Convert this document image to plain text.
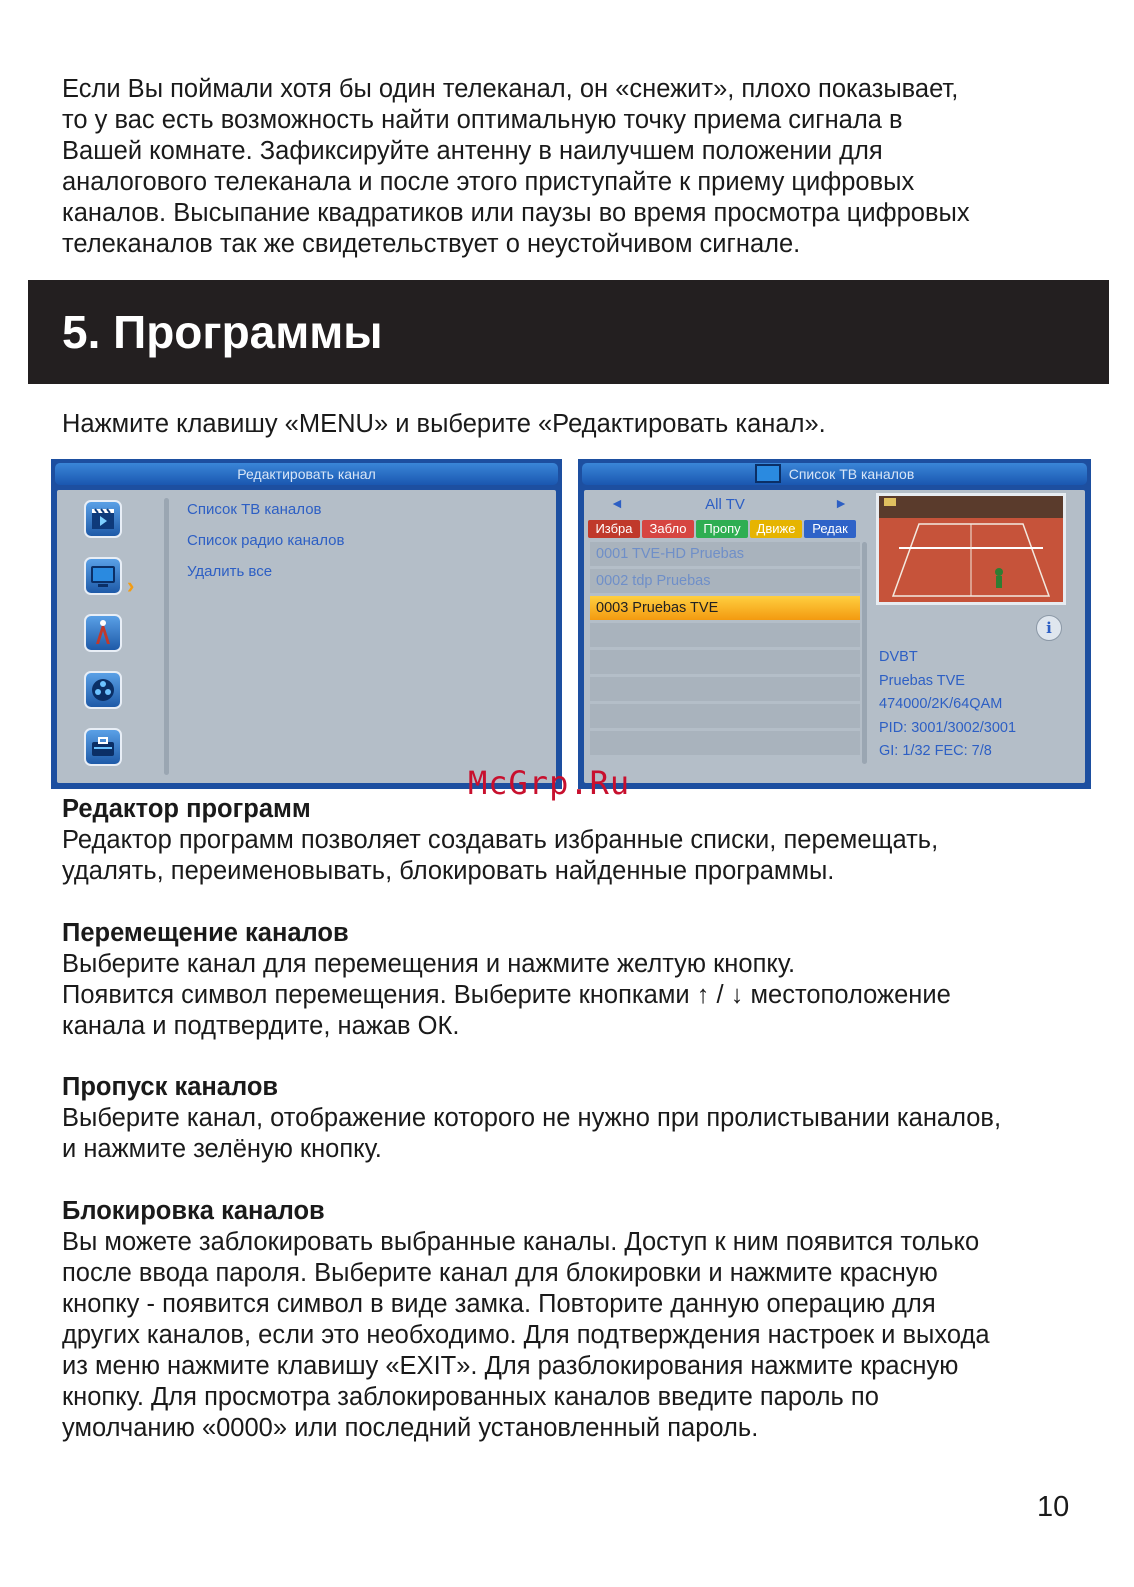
Если Вы поймали хотя бы один телеканал, он «снежит», плохо показывает,
то у вас есть возможность найти оптимальную точку приема сигнала в
Вашей комнате. Зафиксируйте антенну в наилучшем положении для
аналогового телеканала и после этого приступайте к приему цифровых
каналов. Высыпание квадратиков или паузы во время просмотра цифровых
телеканалов так же свидетельствует о неустойчивом сигнале.
5. Программы
Нажмите клавишу «MENU» и выберите «Редактировать канал».
Редактировать канал
›
Список ТВ каналов
Список радио каналов
Удалить все
Список ТВ каналов
All TV
◄	►
Избра	Забло	Пропу	Движе	Редак
0001 TVE-HD Pruebas
0002 tdp Pruebas
0003 Pruebas TVE
i
DVBT
Pruebas TVE
474000/2K/64QAM
PID: 3001/3002/3001
GI: 1/32 FEC: 7/8
McGrp.Ru
Редактор программ
Редактор программ позволяет создавать избранные списки, перемещать,
удалять, переименовывать, блокировать найденные программы.
Перемещение каналов
Выберите канал для перемещения и нажмите желтую кнопку.
Появится символ перемещения. Выберите кнопками ↑ / ↓ местоположение
канала и подтвердите, нажав ОК.
Пропуск каналов
Выберите канал, отображение которого не нужно при пролистывании каналов,
и нажмите зелёную кнопку.
Блокировка каналов
Вы можете заблокировать выбранные каналы. Доступ к ним появится только
после ввода пароля. Выберите канал для блокировки и нажмите красную
кнопку - появится символ в виде замка. Повторите данную операцию для
других каналов, если это необходимо. Для подтверждения настроек и выхода
из меню нажмите клавишу «EXIT». Для разблокирования нажмите красную
кнопку. Для просмотра заблокированных каналов введите пароль по
умолчанию «0000» или последний установленный пароль.
10
